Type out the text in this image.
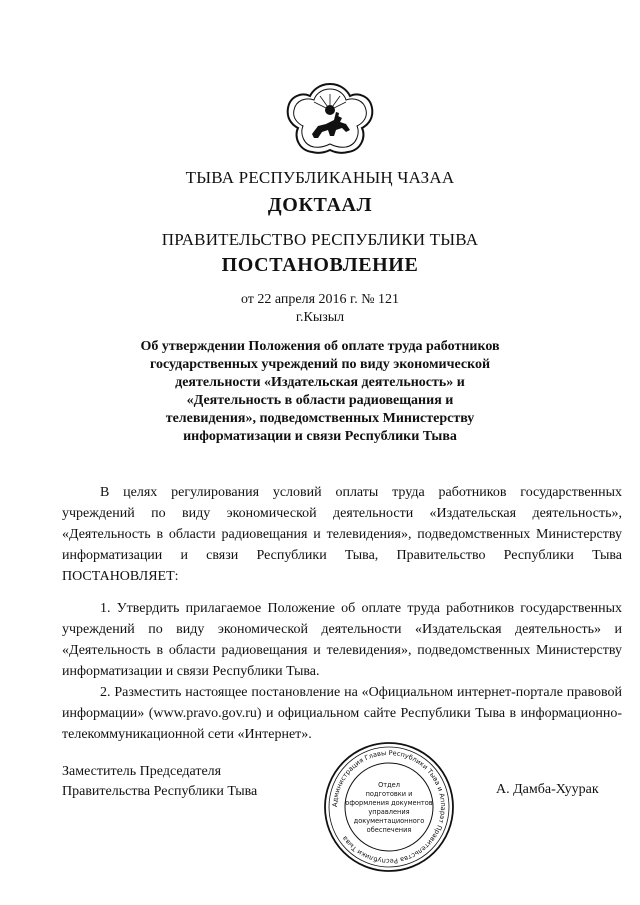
ТЫВА РЕСПУБЛИКАНЫҢ ЧАЗАА
ДОКТААЛ
ПРАВИТЕЛЬСТВО РЕСПУБЛИКИ ТЫВА
ПОСТАНОВЛЕНИЕ
от 22 апреля 2016 г. № 121
г.Кызыл
Об утверждении Положения об оплате труда работников
государственных учреждений по виду экономической
деятельности «Издательская деятельность» и
«Деятельность в области радиовещания и
телевидения», подведомственных Министерству
информатизации и связи Республики Тыва
В целях регулирования условий оплаты труда работников государственных учреждений по виду экономической деятельности «Издательская деятельность», «Деятельность в области радиовещания и телевидения», подведомственных Министерству информатизации и связи Республики Тыва, Правительство Республики Тыва ПОСТАНОВЛЯЕТ:
1. Утвердить прилагаемое Положение об оплате труда работников государственных учреждений по виду экономической деятельности «Издательская деятельность» и «Деятельность в области радиовещания и телевидения», подведомственных Министерству информатизации и связи Республики Тыва.
2. Разместить настоящее постановление на «Официальном интернет-портале правовой информации» (www.pravo.gov.ru) и официальном сайте Республики Тыва в информационно-телекоммуникационной сети «Интернет».
Заместитель Председателя
Правительства Республики Тыва
Администрация Главы Республики Тыва и Аппарат Правительства Республики Тыва
Отдел
подготовки и
оформления документов
управления
документационного
обеспечения
А. Дамба-Хуурак
